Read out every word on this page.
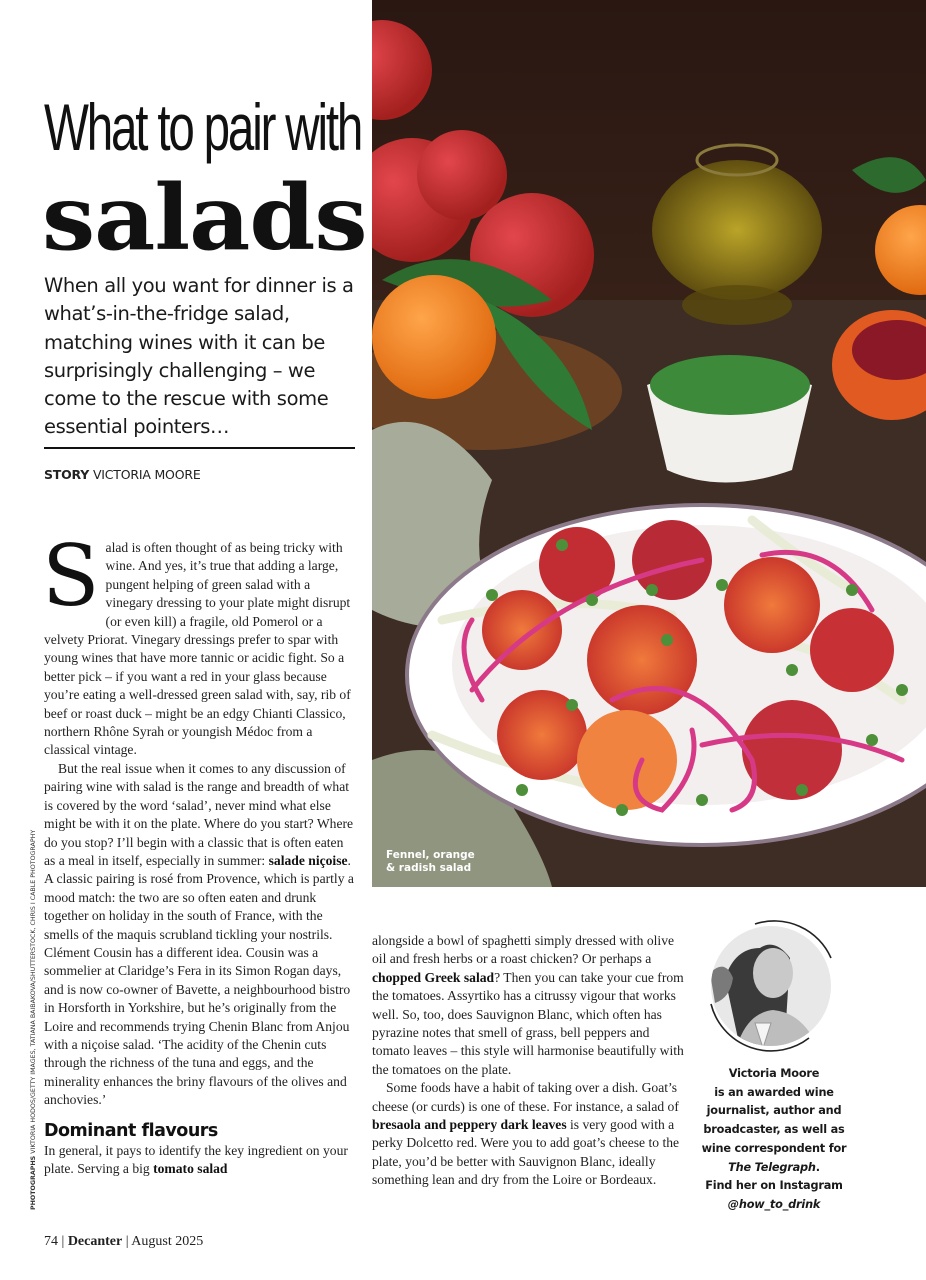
What to pair with
salads
When all you want for dinner is a what’s-in-the-fridge salad, matching wines with it can be surprisingly challenging – we come to the rescue with some essential pointers…
STORY VICTORIA MOORE

Salad is often thought of as being tricky with wine. And yes, it’s true that adding a large, pungent helping of green salad with a vinegary dressing to your plate might disrupt (or even kill) a fragile, old Pomerol or a velvety Priorat. Vinegary dressings prefer to spar with young wines that have more tannic or acidic fight. So a better pick – if you want a red in your glass because you’re eating a well-dressed green salad with, say, rib of beef or roast duck – might be an edgy Chianti Classico, northern Rhône Syrah or youngish Médoc from a classical vintage.

But the real issue when it comes to any discussion of pairing wine with salad is the range and breadth of what is covered by the word ‘salad’, never mind what else might be with it on the plate. Where do you start? Where do you stop? I’ll begin with a classic that is often eaten as a meal in itself, especially in summer: salade niçoise. A classic pairing is rosé from Provence, which is partly a mood match: the two are so often eaten and drunk together on holiday in the south of France, with the smells of the maquis scrubland tickling your nostrils. Clément Cousin has a different idea. Cousin was a sommelier at Claridge’s Fera in its Simon Rogan days, and is now co-owner of Bavette, a neighbourhood bistro in Horsforth in Yorkshire, but he’s originally from the Loire and recommends trying Chenin Blanc from Anjou with a niçoise salad. ‘The acidity of the Chenin cuts through the richness of the tuna and eggs, and the minerality enhances the briny flavours of the olives and anchovies.’

Dominant flavours

In general, it pays to identify the key ingredient on your plate. Serving a big tomato salad

alongside a bowl of spaghetti simply dressed with olive oil and fresh herbs or a roast chicken? Or perhaps a chopped Greek salad? Then you can take your cue from the tomatoes. Assyrtiko has a citrussy vigour that works well. So, too, does Sauvignon Blanc, which often has pyrazine notes that smell of grass, bell peppers and tomato leaves – this style will harmonise beautifully with the tomatoes on the plate.

Some foods have a habit of taking over a dish. Goat’s cheese (or curds) is one of these. For instance, a salad of bresaola and peppery dark leaves is very good with a perky Dolcetto red. Were you to add goat’s cheese to the plate, you’d be better with Sauvignon Blanc, ideally something lean and dry from the Loire or Bordeaux.

PHOTOGRAPHS VIKTORIA HODOS/GETTY IMAGES, TATIANA BAIBAKOVA/SHUTTERSTOCK, CHRIS I CABLE PHOTOGRAPHY	Fennel, orange
& radish salad
Victoria Moore
is an awarded wine journalist, author and broadcaster, as well as wine correspondent for The Telegraph.
Find her on Instagram
@how_to_drink
74 | Decanter | August 2025
